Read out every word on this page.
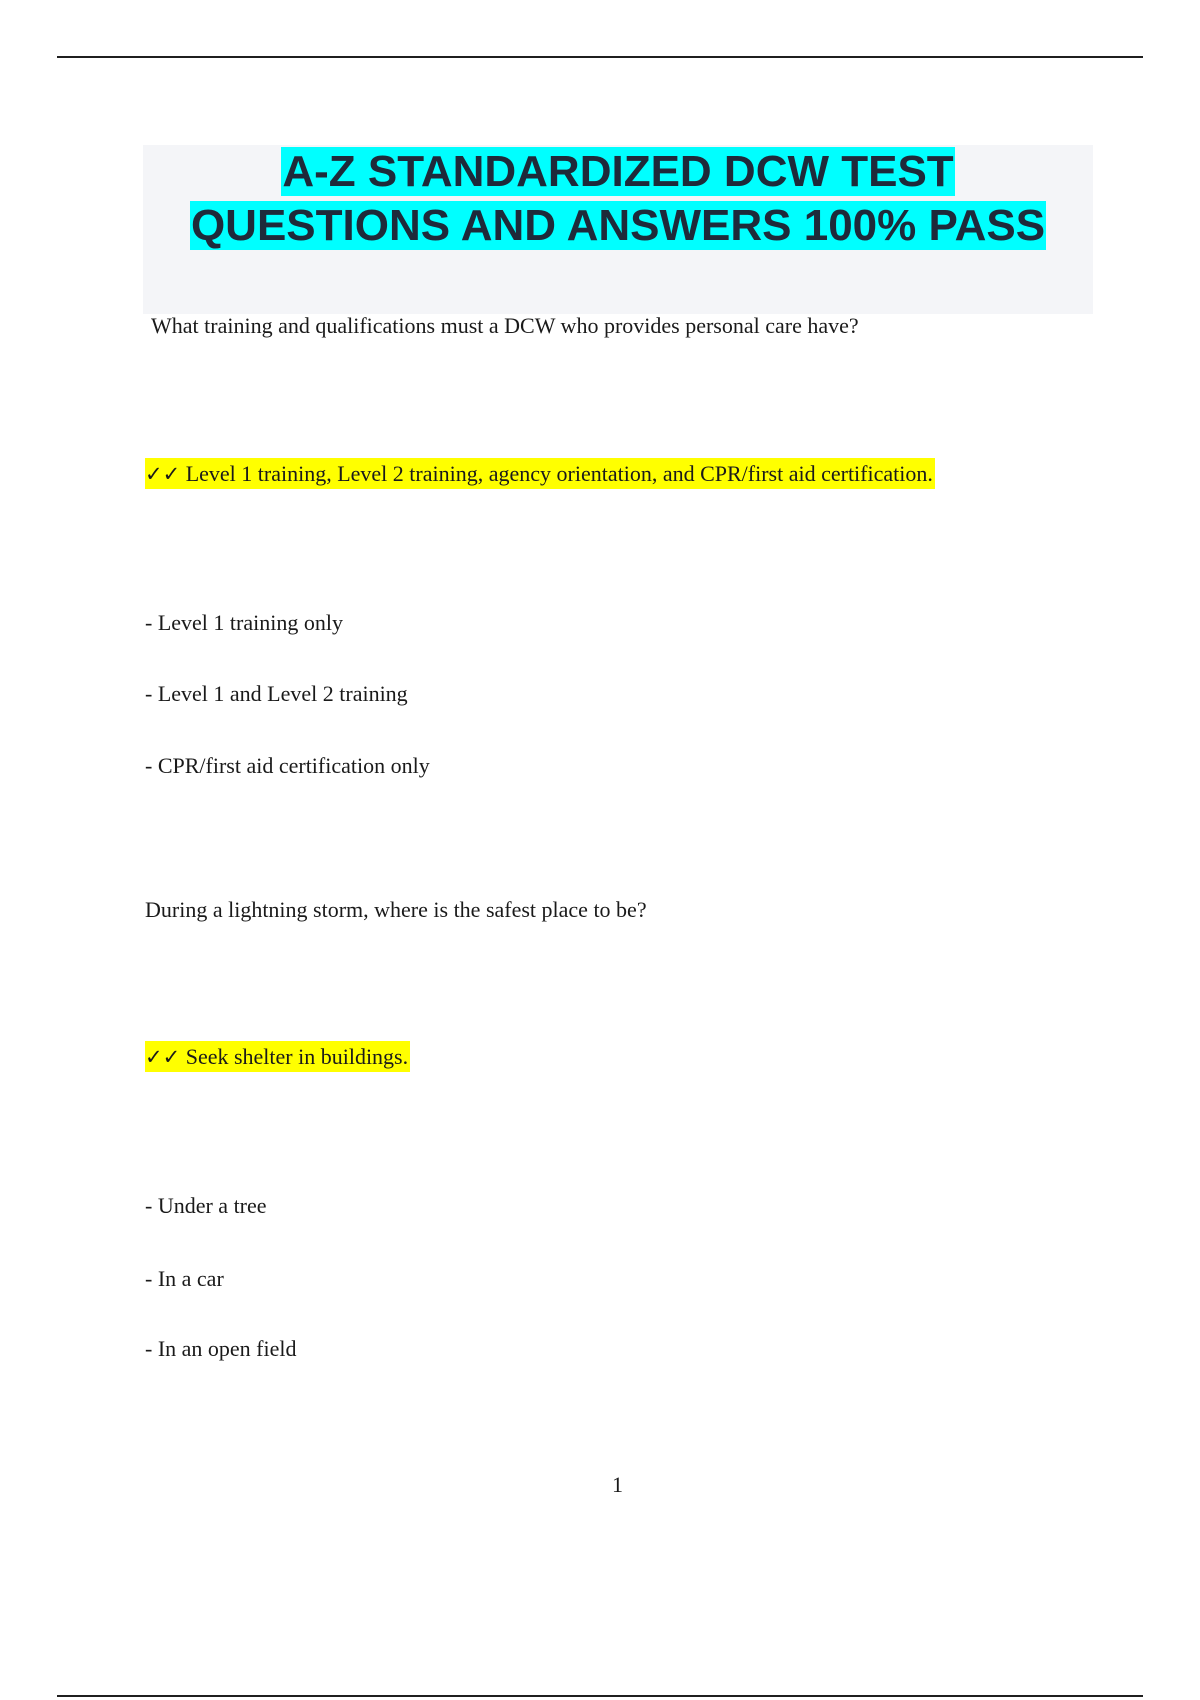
A-Z STANDARDIZED DCW TEST
QUESTIONS AND ANSWERS 100% PASS
What training and qualifications must a DCW who provides personal care have?
✓✓ Level 1 training, Level 2 training, agency orientation, and CPR/first aid certification.
- Level 1 training only
- Level 1 and Level 2 training
- CPR/first aid certification only
During a lightning storm, where is the safest place to be?
✓✓ Seek shelter in buildings.
- Under a tree
- In a car
- In an open field
1
